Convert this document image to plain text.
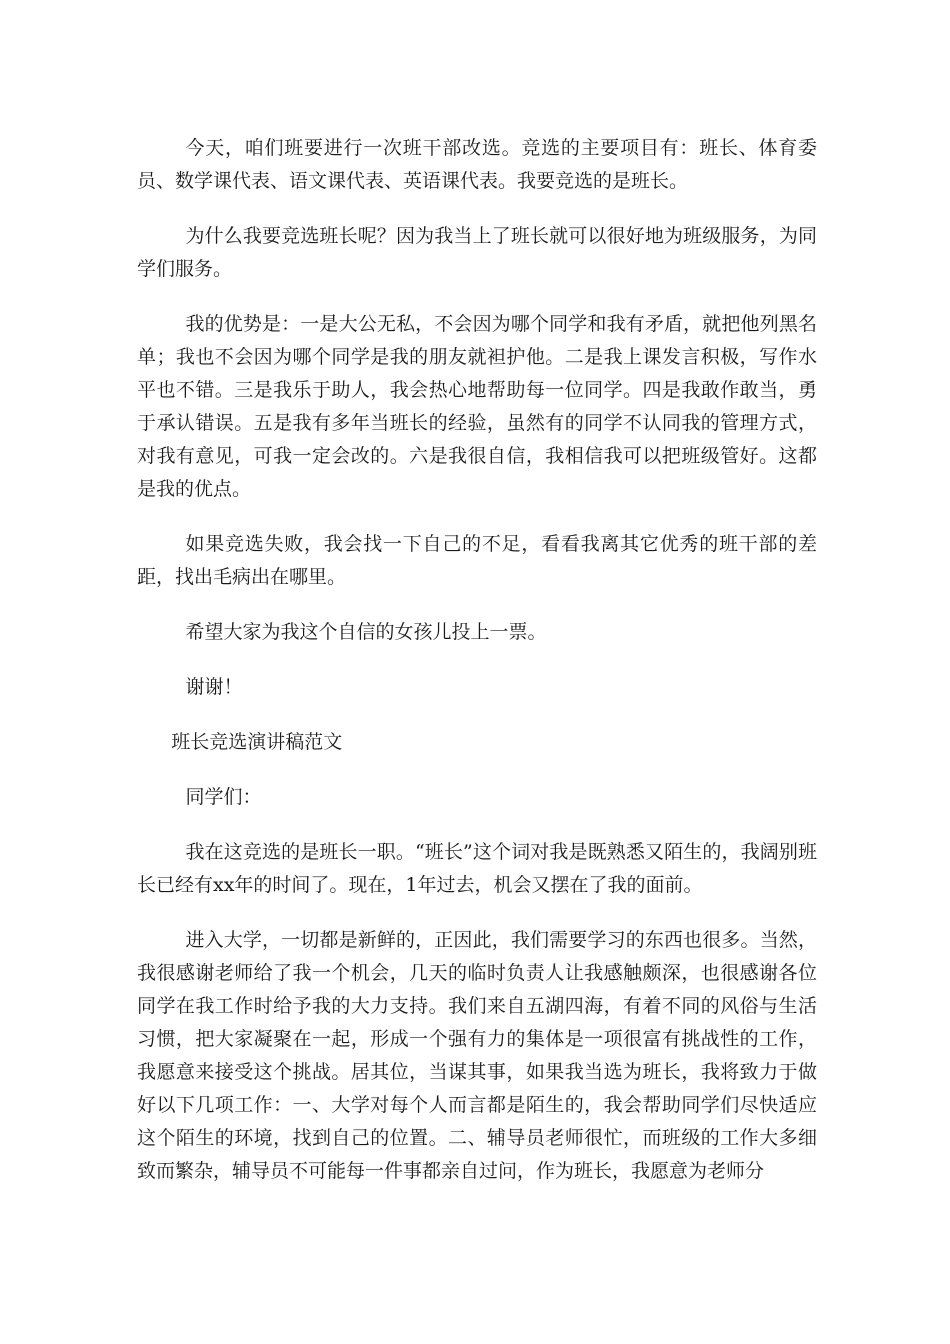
今天，咱们班要进行一次班干部改选。竞选的主要项目有：班长、体育委员、数学课代表、语文课代表、英语课代表。我要竞选的是班长。

为什么我要竞选班长呢？因为我当上了班长就可以很好地为班级服务，为同学们服务。

我的优势是：一是大公无私，不会因为哪个同学和我有矛盾，就把他列黑名单；我也不会因为哪个同学是我的朋友就袒护他。二是我上课发言积极，写作水平也不错。三是我乐于助人，我会热心地帮助每一位同学。四是我敢作敢当，勇于承认错误。五是我有多年当班长的经验，虽然有的同学不认同我的管理方式，对我有意见，可我一定会改的。六是我很自信，我相信我可以把班级管好。这都是我的优点。

如果竞选失败，我会找一下自己的不足，看看我离其它优秀的班干部的差距，找出毛病出在哪里。

希望大家为我这个自信的女孩儿投上一票。

谢谢！

班长竞选演讲稿范文

同学们：

我在这竞选的是班长一职。“班长”这个词对我是既熟悉又陌生的，我阔别班长已经有xx年的时间了。现在，1年过去，机会又摆在了我的面前。

进入大学，一切都是新鲜的，正因此，我们需要学习的东西也很多。当然，我很感谢老师给了我一个机会，几天的临时负责人让我感触颇深，也很感谢各位同学在我工作时给予我的大力支持。我们来自五湖四海，有着不同的风俗与生活习惯，把大家凝聚在一起，形成一个强有力的集体是一项很富有挑战性的工作，我愿意来接受这个挑战。居其位，当谋其事，如果我当选为班长，我将致力于做好以下几项工作：一、大学对每个人而言都是陌生的，我会帮助同学们尽快适应这个陌生的环境，找到自己的位置。二、辅导员老师很忙，而班级的工作大多细致而繁杂，辅导员不可能每一件事都亲自过问，作为班长，我愿意为老师分
